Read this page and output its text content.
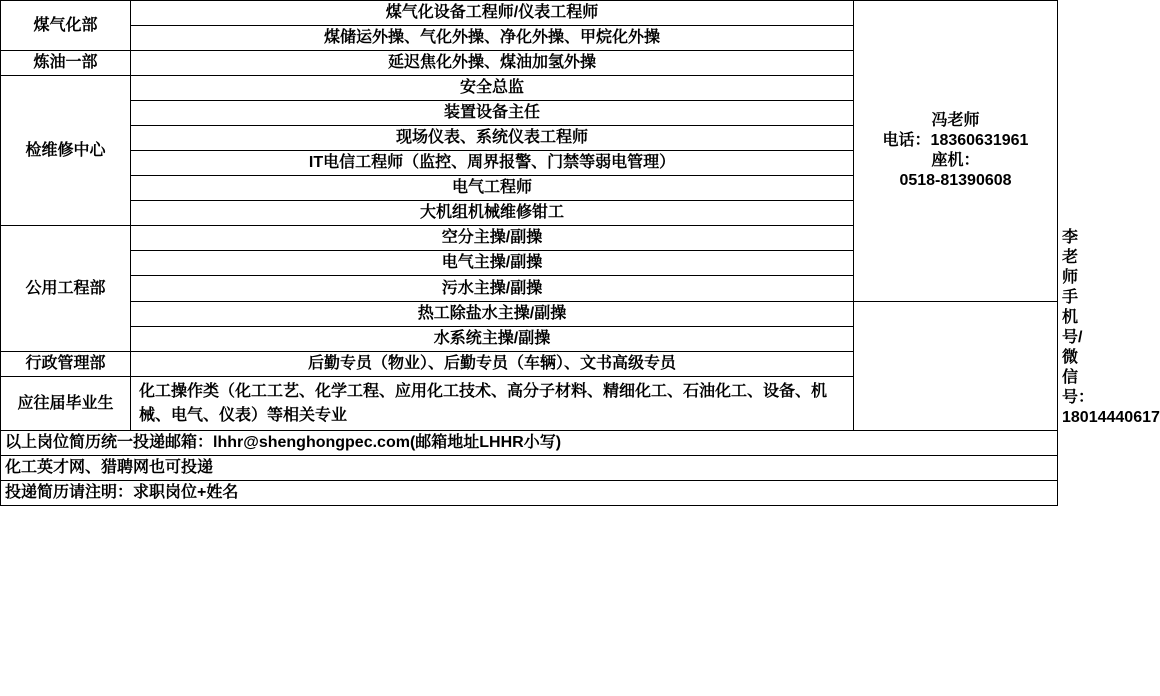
煤气化部	煤气化设备工程师/仪表工程师	冯老师
电话：18360631961
座机：
0518-81390608	

	煤储运外操、气化外操、净化外操、甲烷化外操		
炼油一部	延迟焦化外操、煤油加氢外操		
检维修中心	安全总监		
	装置设备主任		
	现场仪表、系统仪表工程师		
	IT电信工程师（监控、周界报警、门禁等弱电管理）		
	电气工程师		
	大机组机械维修钳工		
公用工程部	空分主操/副操		李老师
手机号/微信号：
18014440617

	电气主操/副操		
	污水主操/副操		
	热工除盐水主操/副操		
	水系统主操/副操		
行政管理部	后勤专员（物业）、后勤专员（车辆）、文书高级专员		
应往届毕业生	化工操作类（化工工艺、化学工程、应用化工技术、高分子材料、精细化工、石油化工、设备、机械、电气、仪表）等相关专业		
以上岗位简历统一投递邮箱：lhhr@shenghongpec.com(邮箱地址LHHR小写)			
化工英才网、猎聘网也可投递			
投递简历请注明：求职岗位+姓名			
